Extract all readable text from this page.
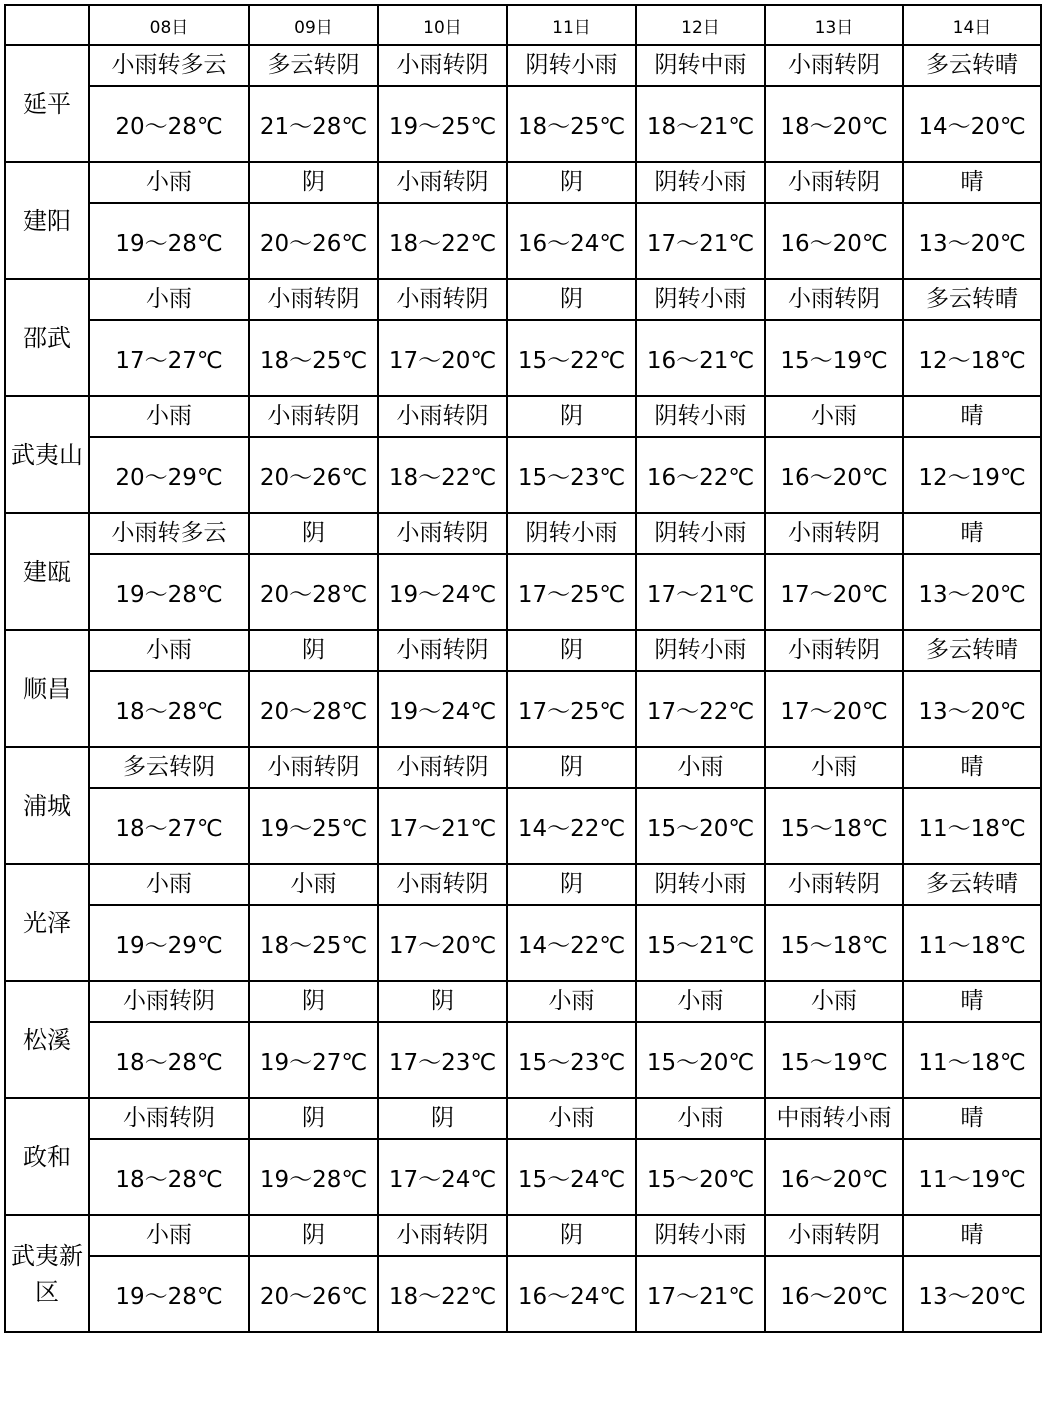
	08日	09日	10日	11日	12日	13日	14日
延平	小雨转多云	多云转阴	小雨转阴	阴转小雨	阴转中雨	小雨转阴	多云转晴
	20～28℃	21～28℃	19～25℃	18～25℃	18～21℃	18～20℃	14～20℃
建阳	小雨	阴	小雨转阴	阴	阴转小雨	小雨转阴	晴
	19～28℃	20～26℃	18～22℃	16～24℃	17～21℃	16～20℃	13～20℃
邵武	小雨	小雨转阴	小雨转阴	阴	阴转小雨	小雨转阴	多云转晴
	17～27℃	18～25℃	17～20℃	15～22℃	16～21℃	15～19℃	12～18℃
武夷山	小雨	小雨转阴	小雨转阴	阴	阴转小雨	小雨	晴
	20～29℃	20～26℃	18～22℃	15～23℃	16～22℃	16～20℃	12～19℃
建瓯	小雨转多云	阴	小雨转阴	阴转小雨	阴转小雨	小雨转阴	晴
	19～28℃	20～28℃	19～24℃	17～25℃	17～21℃	17～20℃	13～20℃
顺昌	小雨	阴	小雨转阴	阴	阴转小雨	小雨转阴	多云转晴
	18～28℃	20～28℃	19～24℃	17～25℃	17～22℃	17～20℃	13～20℃
浦城	多云转阴	小雨转阴	小雨转阴	阴	小雨	小雨	晴
	18～27℃	19～25℃	17～21℃	14～22℃	15～20℃	15～18℃	11～18℃
光泽	小雨	小雨	小雨转阴	阴	阴转小雨	小雨转阴	多云转晴
	19～29℃	18～25℃	17～20℃	14～22℃	15～21℃	15～18℃	11～18℃
松溪	小雨转阴	阴	阴	小雨	小雨	小雨	晴
	18～28℃	19～27℃	17～23℃	15～23℃	15～20℃	15～19℃	11～18℃
政和	小雨转阴	阴	阴	小雨	小雨	中雨转小雨	晴
	18～28℃	19～28℃	17～24℃	15～24℃	15～20℃	16～20℃	11～19℃
武夷新区	小雨	阴	小雨转阴	阴	阴转小雨	小雨转阴	晴
	19～28℃	20～26℃	18～22℃	16～24℃	17～21℃	16～20℃	13～20℃
